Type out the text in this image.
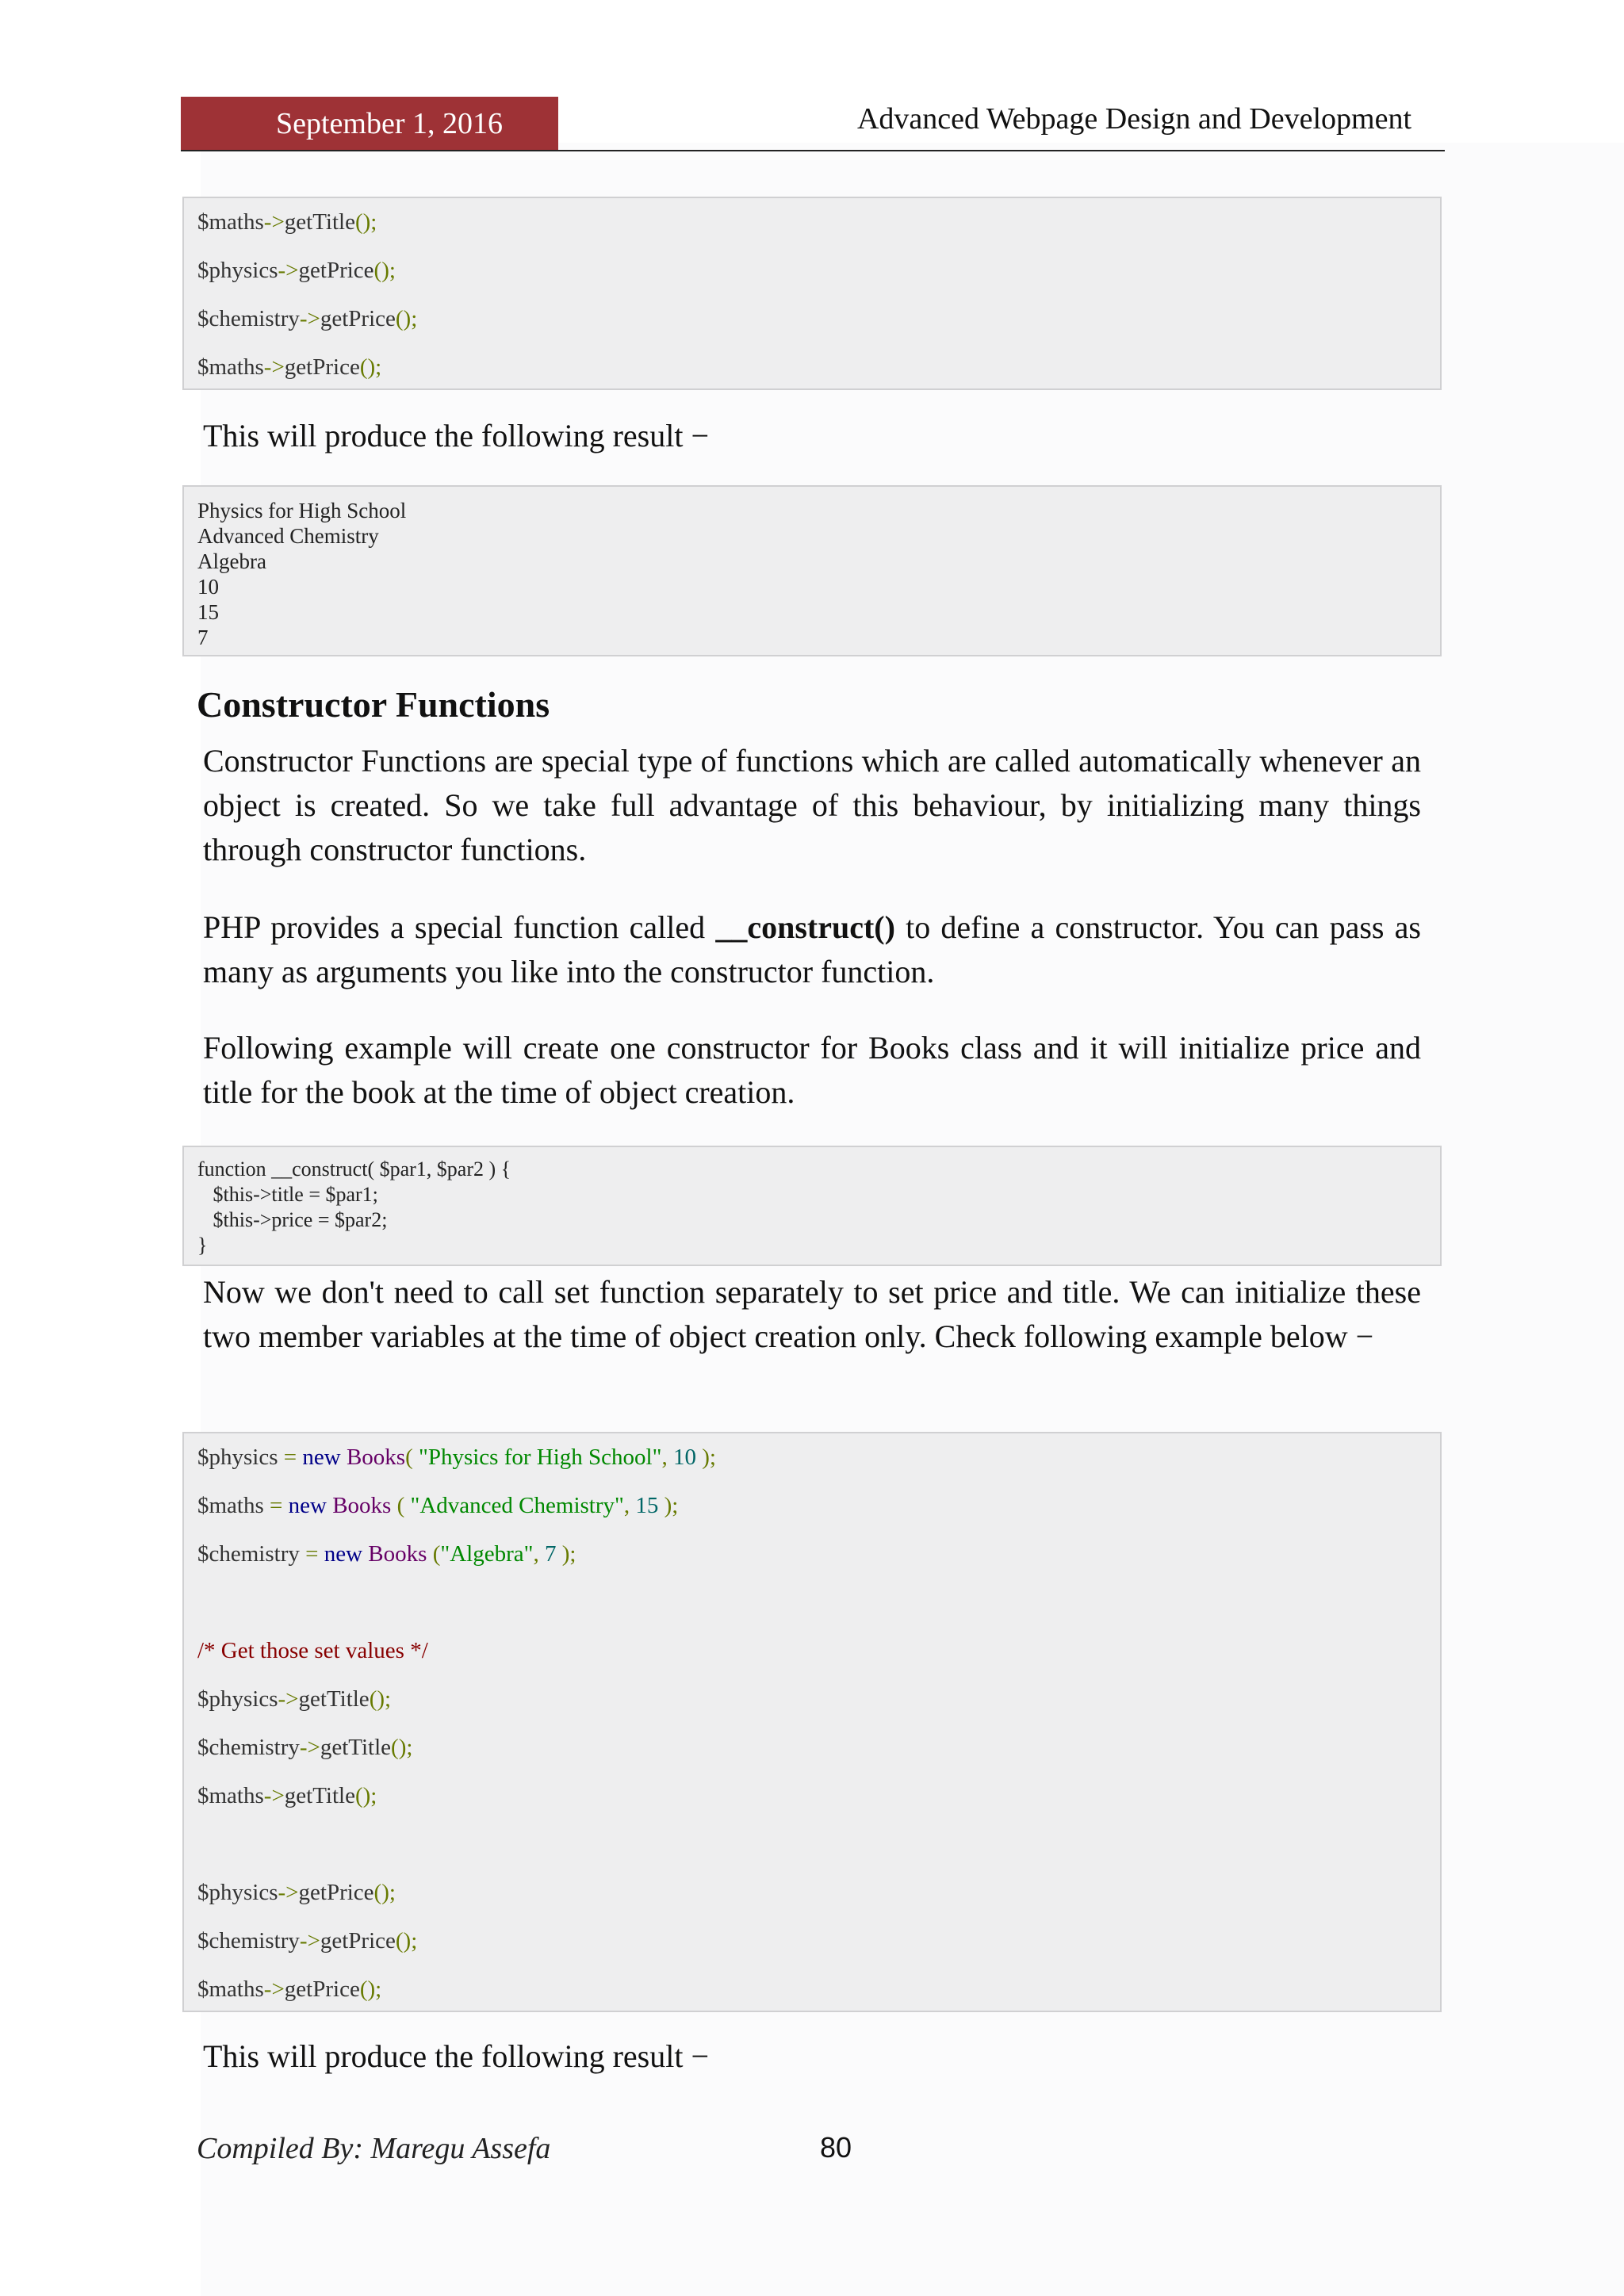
September 1, 2016	Advanced Webpage Design and Development
$maths->getTitle();
$physics->getPrice();
$chemistry->getPrice();
$maths->getPrice();
This will produce the following result −
Physics for High School
Advanced Chemistry
Algebra
10
15
7
Constructor Functions
Constructor Functions are special type of functions which are called automatically whenever an object is created. So we take full advantage of this behaviour, by initializing many things through constructor functions.
PHP provides a special function called __construct() to define a constructor. You can pass as many as arguments you like into the constructor function.
Following example will create one constructor for Books class and it will initialize price and title for the book at the time of object creation.
function __construct( $par1, $par2 ) {
$this->title = $par1;
$this->price = $par2;
}
Now we don't need to call set function separately to set price and title. We can initialize these two member variables at the time of object creation only. Check following example below −
$physics = new Books( "Physics for High School", 10 );
$maths = new Books ( "Advanced Chemistry", 15 );
$chemistry = new Books ("Algebra", 7 );
/* Get those set values */
$physics->getTitle();
$chemistry->getTitle();
$maths->getTitle();
$physics->getPrice();
$chemistry->getPrice();
$maths->getPrice();
This will produce the following result −
Compiled By: Maregu Assefa	80
